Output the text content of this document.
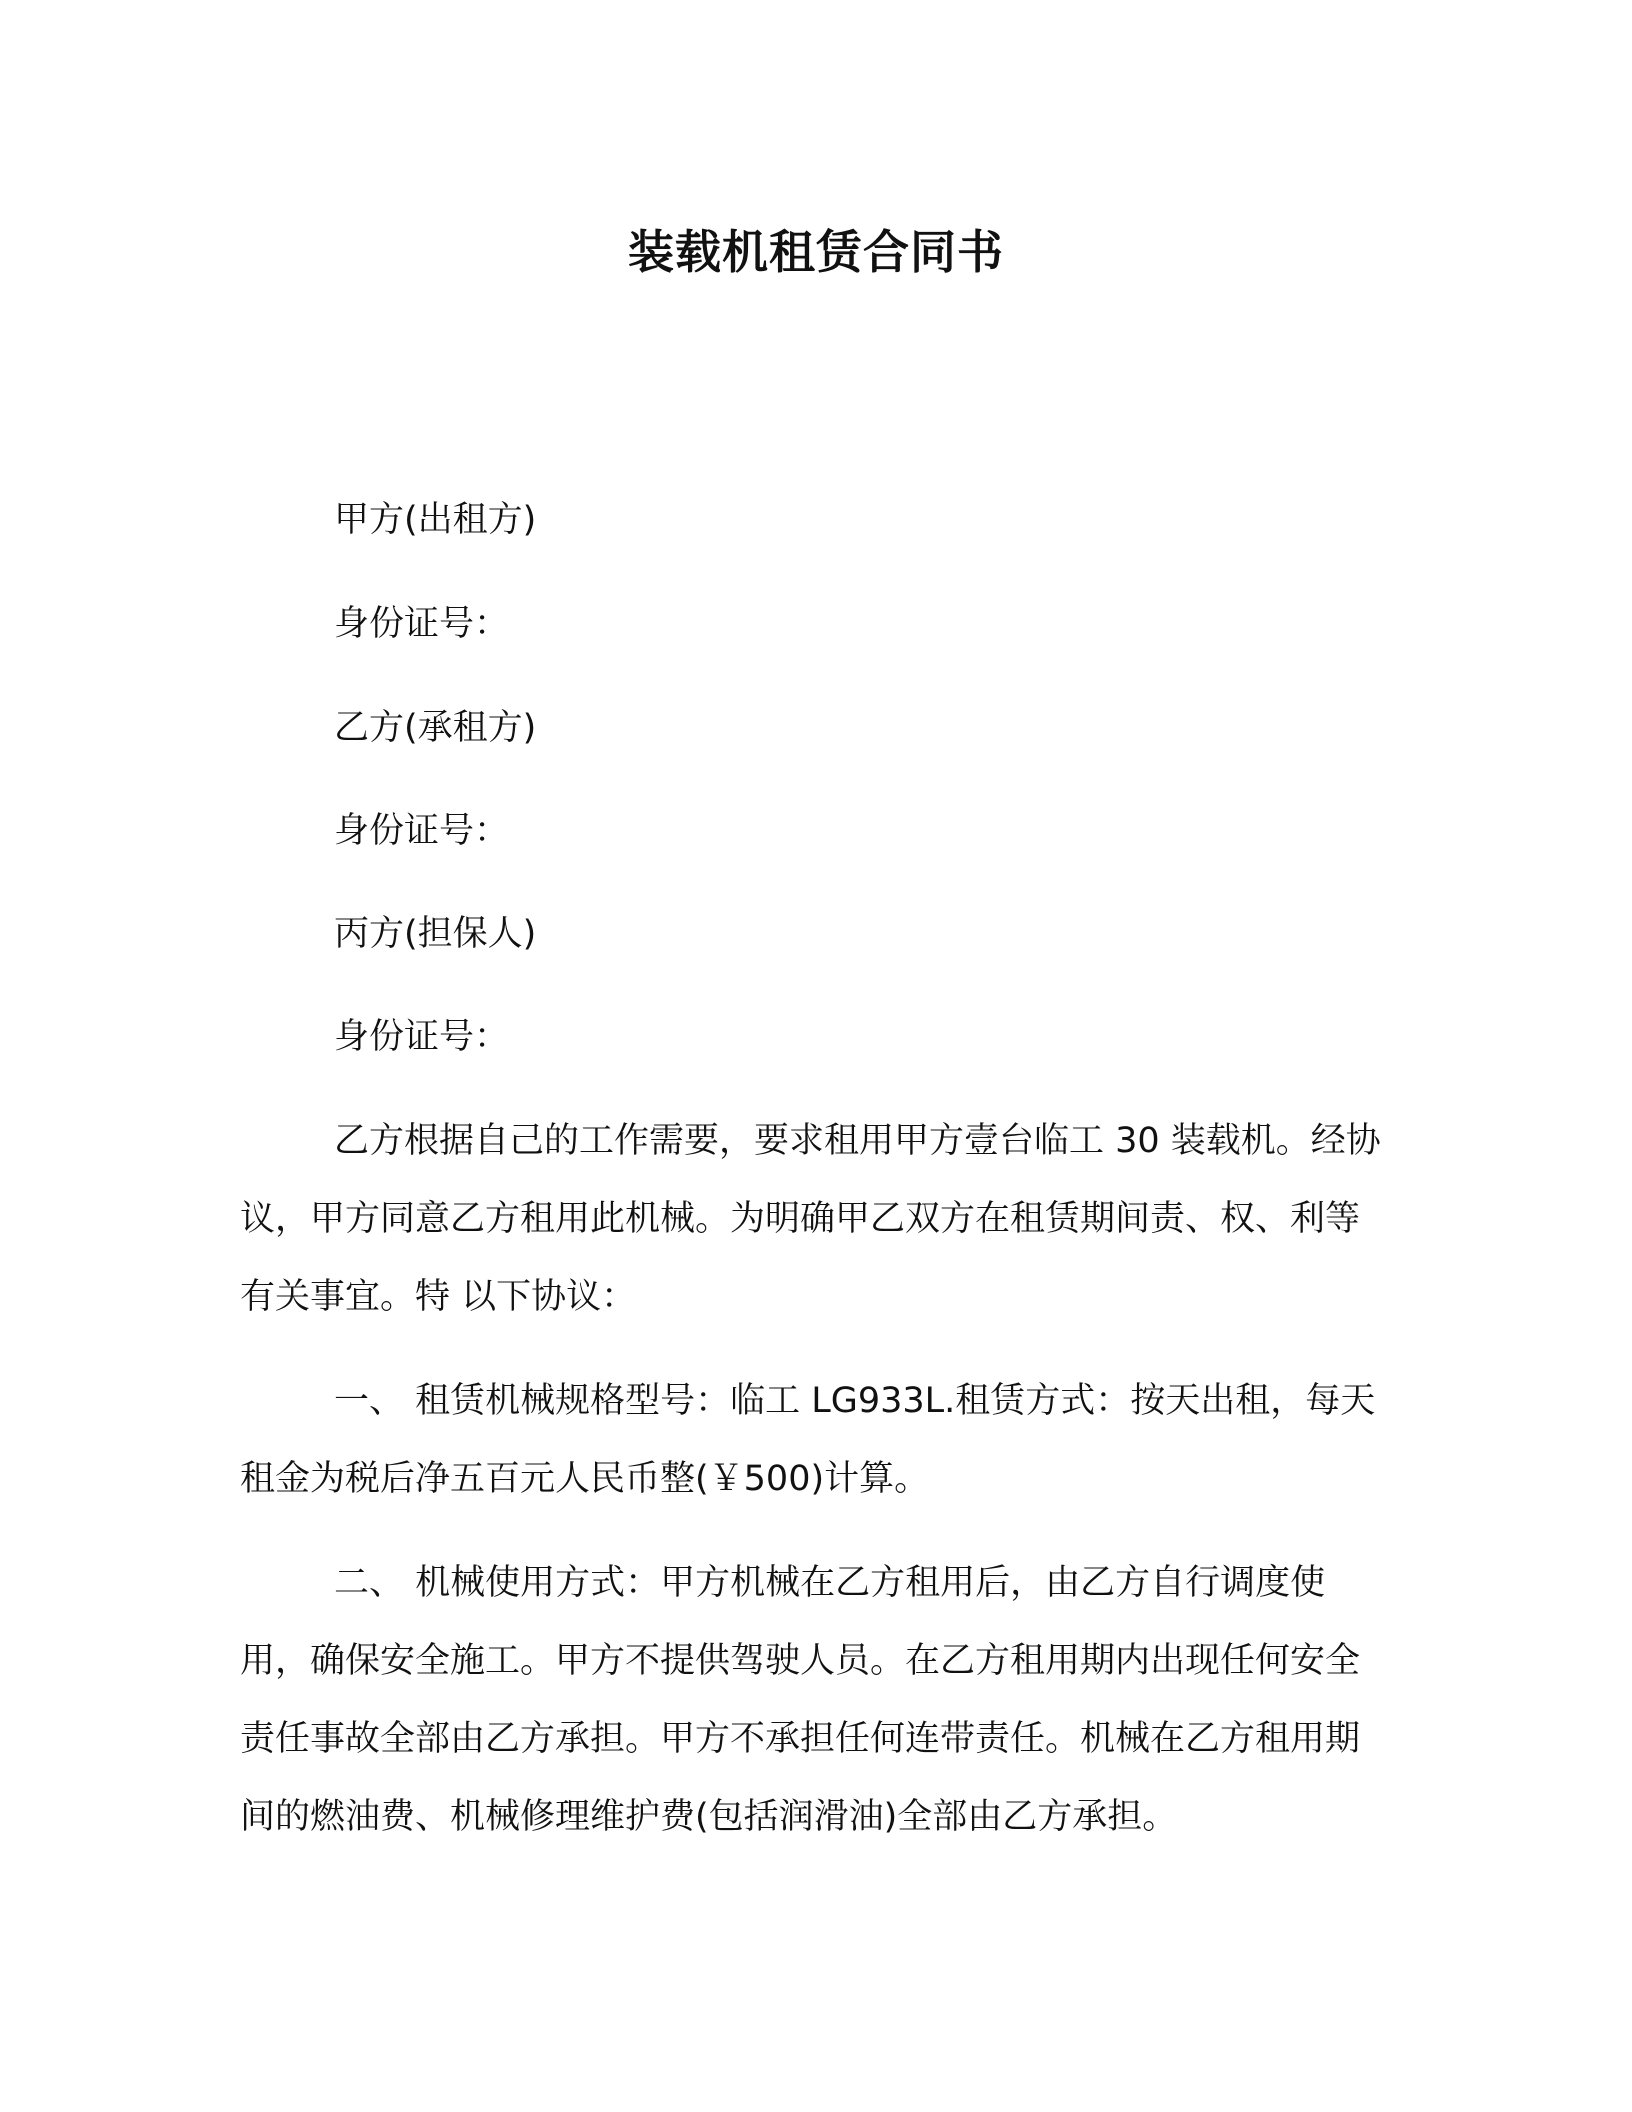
装载机租赁合同书
甲方(出租方)
身份证号：
乙方(承租方)
身份证号：
丙方(担保人)
身份证号：

乙方根据自己的工作需要，要求租用甲方壹台临工 30 装载机。经协议，甲方同意乙方租用此机械。为明确甲乙双方在租赁期间责、权、利等有关事宜。特 以下协议：

一、 租赁机械规格型号：临工 LG933L.租赁方式：按天出租，每天租金为税后净五百元人民币整(￥500)计算。

二、 机械使用方式：甲方机械在乙方租用后，由乙方自行调度使用，确保安全施工。甲方不提供驾驶人员。在乙方租用期内出现任何安全责任事故全部由乙方承担。甲方不承担任何连带责任。机械在乙方租用期间的燃油费、机械修理维护费(包括润滑油)全部由乙方承担。
